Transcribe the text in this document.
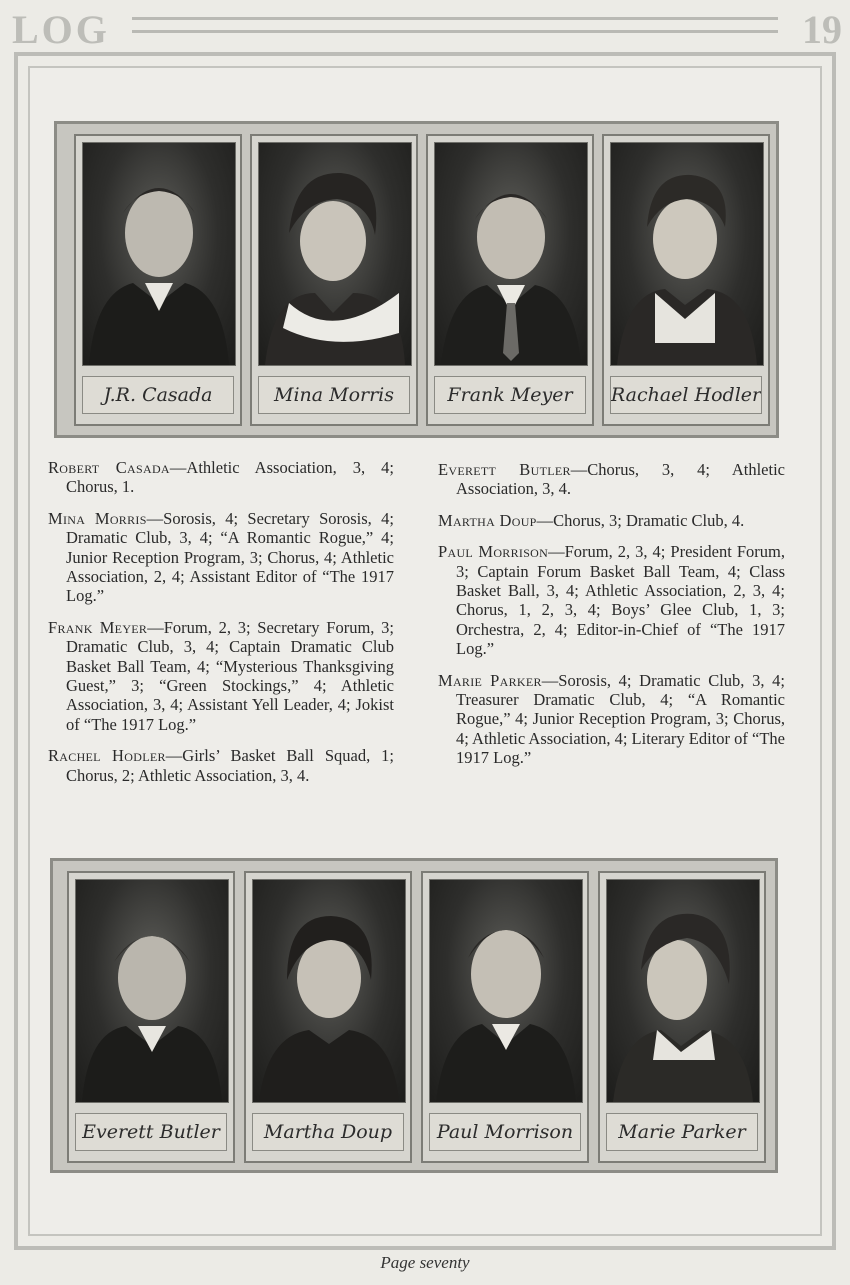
LOG	19
J.R. Casada	Mina Morris	Frank Meyer	Rachael Hodler

Robert Casada—Athletic Association, 3, 4; Chorus, 1.

Mina Morris—Sorosis, 4; Secretary Sorosis, 4; Dramatic Club, 3, 4; “A Romantic Rogue,” 4; Junior Reception Program, 3; Chorus, 4; Athletic Association, 2, 4; Assistant Editor of “The 1917 Log.”

Frank Meyer—Forum, 2, 3; Secretary Forum, 3; Dramatic Club, 3, 4; Captain Dramatic Club Basket Ball Team, 4; “Mysterious Thanksgiving Guest,” 3; “Green Stockings,” 4; Athletic Association, 3, 4; Assistant Yell Leader, 4; Jokist of “The 1917 Log.”

Rachel Hodler—Girls’ Basket Ball Squad, 1; Chorus, 2; Athletic Association, 3, 4.

Everett Butler—Chorus, 3, 4; Athletic Association, 3, 4.

Martha Doup—Chorus, 3; Dramatic Club, 4.

Paul Morrison—Forum, 2, 3, 4; President Forum, 3; Captain Forum Basket Ball Team, 4; Class Basket Ball, 3, 4; Athletic Association, 2, 3, 4; Chorus, 1, 2, 3, 4; Boys’ Glee Club, 1, 3; Orchestra, 2, 4; Editor-in-Chief of “The 1917 Log.”

Marie Parker—Sorosis, 4; Dramatic Club, 3, 4; Treasurer Dramatic Club, 4; “A Romantic Rogue,” 4; Junior Reception Program, 3; Chorus, 4; Athletic Association, 4; Literary Editor of “The 1917 Log.”

Everett Butler	Martha Doup	Paul Morrison	Marie Parker
Page seventy
